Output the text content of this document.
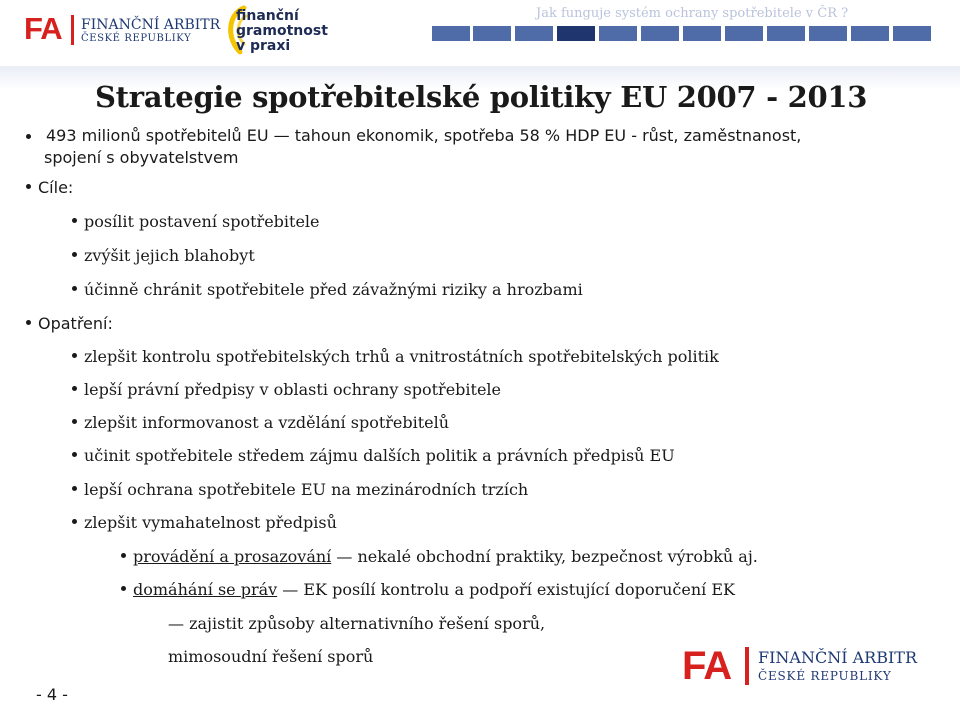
FA FINANČNÍ ARBITR
ČESKÉ REPUBLIKY
finanční
gramotnost
v praxi
Jak funguje systém ochrany spotřebitele v ČR ?
Strategie spotřebitelské politiky EU 2007 - 2013
493 milionů spotřebitelů EU — tahoun ekonomik, spotřeba 58 % HDP EU - růst, zaměstnanost,
spojení s obyvatelstvem
Cíle:
posílit postavení spotřebitele
zvýšit jejich blahobyt
účinně chránit spotřebitele před závažnými riziky a hrozbami
Opatření:
zlepšit kontrolu spotřebitelských trhů a vnitrostátních spotřebitelských politik
lepší právní předpisy v oblasti ochrany spotřebitele
zlepšit informovanost a vzdělání spotřebitelů
učinit spotřebitele středem zájmu dalších politik a právních předpisů EU
lepší ochrana spotřebitele EU na mezinárodních trzích
zlepšit vymahatelnost předpisů
provádění a prosazování — nekalé obchodní praktiky, bezpečnost výrobků aj.
domáhání se práv — EK posílí kontrolu a podpoří existující doporučení EK
— zajistit způsoby alternativního řešení sporů,
mimosoudní řešení sporů
- 4 -
FA FINANČNÍ ARBITR
ČESKÉ REPUBLIKY
